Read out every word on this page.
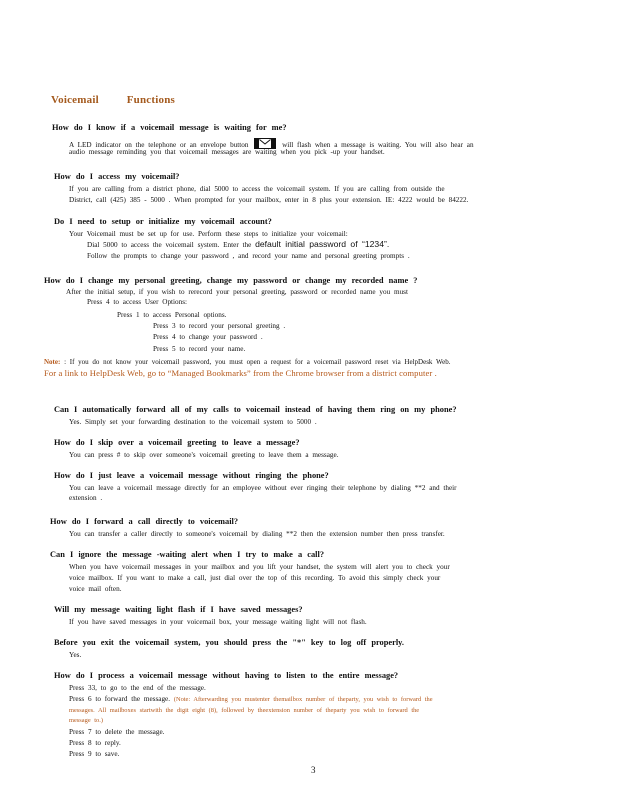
Voicemail	Functions
How do I know if a voicemail message is waiting for me?
A LED indicator on the telephone or an envelope button	will flash when a message is waiting. You will also hear an
audio message reminding you that voicemail messages are waiting when you pick -up your handset.
How do I access my voicemail?
If you are calling from a district phone, dial 5000 to access the voicemail system. If you are calling from outside the
District, call (425) 385 - 5000 . When prompted for your mailbox, enter in 8 plus your extension. IE: 4222 would be 84222.
Do I need to setup or initialize my voicemail account?
Your Voicemail must be set up for use. Perform these steps to initialize your voicemail:
Dial 5000 to access the voicemail system. Enter the default initial password of “1234”.
Follow the prompts to change your password , and record your name and personal greeting prompts .
How do I change my personal greeting, change my password or change my recorded name ?
After the initial setup, if you wish to rerecord your personal greeting, password or recorded name you must
Press 4 to access User Options:
Press 1 to access Personal options.
Press 3 to record your personal greeting .
Press 4 to change your password .
Press 5 to record your name.
Note: : If you do not know your voicemail password, you must open a request for a voicemail password reset via HelpDesk Web.
For a link to HelpDesk Web, go to “Managed Bookmarks” from the Chrome browser from a district computer .
Can I automatically forward all of my calls to voicemail instead of having them ring on my phone?
Yes. Simply set your forwarding destination to the voicemail system to 5000 .
How do I skip over a voicemail greeting to leave a message?
You can press # to skip over someone's voicemail greeting to leave them a message.
How do I just leave a voicemail message without ringing the phone?
You can leave a voicemail message directly for an employee without ever ringing their telephone by dialing **2 and their
extension .
How do I forward a call directly to voicemail?
You can transfer a caller directly to someone's voicemail by dialing **2 then the extension number then press transfer.
Can I ignore the message -waiting alert when I try to make a call?
When you have voicemail messages in your mailbox and you lift your handset, the system will alert you to check your
voice mailbox. If you want to make a call, just dial over the top of this recording. To avoid this simply check your
voice mail often.
Will my message waiting light flash if I have saved messages?
If you have saved messages in your voicemail box, your message waiting light will not flash.
Before you exit the voicemail system, you should press the "*" key to log off properly.
Yes.
How do I process a voicemail message without having to listen to the entire message?
Press 33, to go to the end of the message.
Press 6 to forward the message. (Note: Afterwarding you mustenter themailbox number of theparty, you wish to forward the
messages. All mailboxes startwith the digit eight (8), followed by theextension number of theparty you wish to forward the
message to.)
Press 7 to delete the message.
Press 8 to reply.
Press 9 to save.
3
